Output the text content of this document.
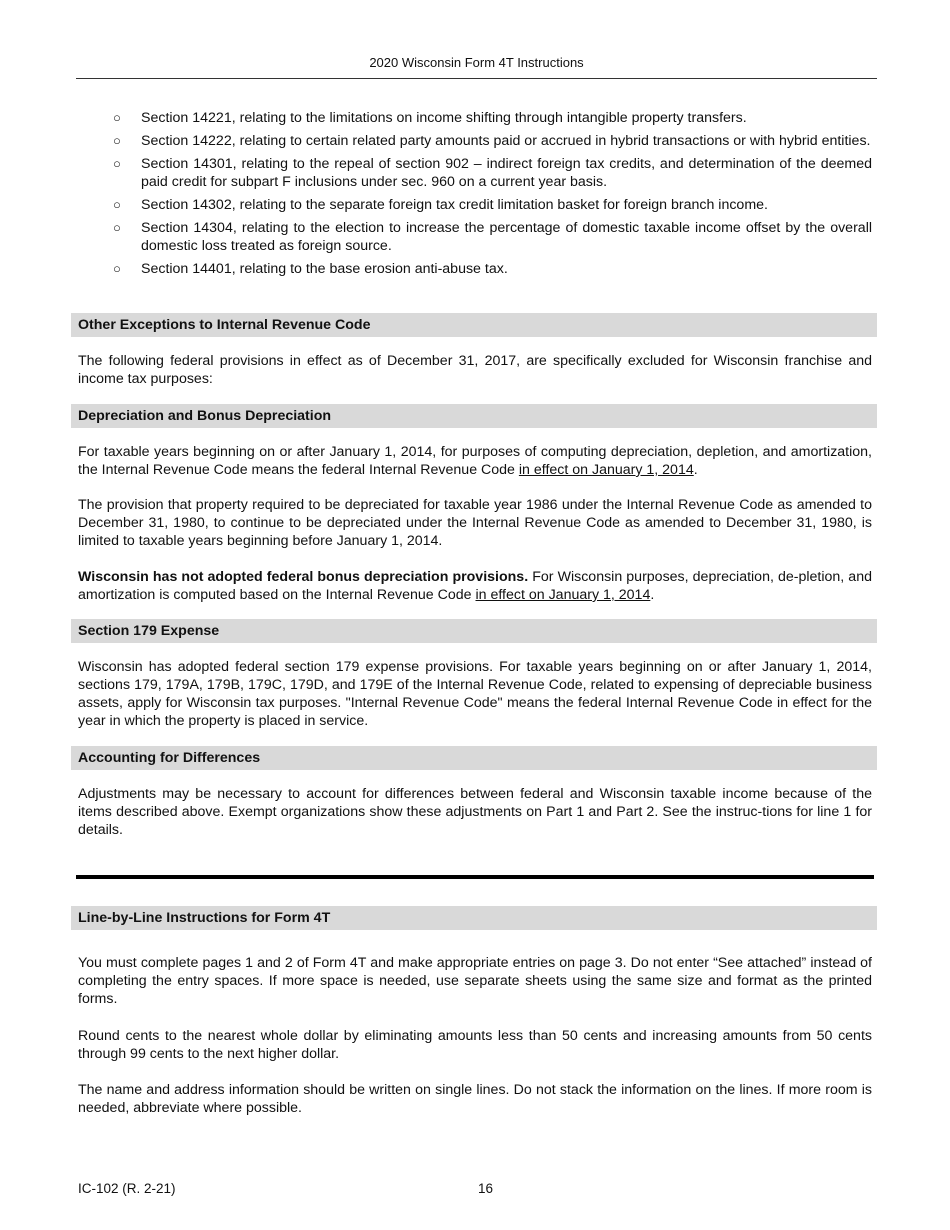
2020 Wisconsin Form 4T Instructions
○ Section 14221, relating to the limitations on income shifting through intangible property transfers.
○ Section 14222, relating to certain related party amounts paid or accrued in hybrid transactions or with hybrid entities.
○ Section 14301, relating to the repeal of section 902 – indirect foreign tax credits, and determination of the deemed paid credit for subpart F inclusions under sec. 960 on a current year basis.
○ Section 14302, relating to the separate foreign tax credit limitation basket for foreign branch income.
○ Section 14304, relating to the election to increase the percentage of domestic taxable income offset by the overall domestic loss treated as foreign source.
○ Section 14401, relating to the base erosion anti-abuse tax.
Other Exceptions to Internal Revenue Code

The following federal provisions in effect as of December 31, 2017, are specifically excluded for Wisconsin franchise and income tax purposes:

Depreciation and Bonus Depreciation

For taxable years beginning on or after January 1, 2014, for purposes of computing depreciation, depletion, and amortization, the Internal Revenue Code means the federal Internal Revenue Code in effect on January 1, 2014.

The provision that property required to be depreciated for taxable year 1986 under the Internal Revenue Code as amended to December 31, 1980, to continue to be depreciated under the Internal Revenue Code as amended to December 31, 1980, is limited to taxable years beginning before January 1, 2014.

Wisconsin has not adopted federal bonus depreciation provisions. For Wisconsin purposes, depreciation, de-pletion, and amortization is computed based on the Internal Revenue Code in effect on January 1, 2014.

Section 179 Expense

Wisconsin has adopted federal section 179 expense provisions. For taxable years beginning on or after January 1, 2014, sections 179, 179A, 179B, 179C, 179D, and 179E of the Internal Revenue Code, related to expensing of depreciable business assets, apply for Wisconsin tax purposes. "Internal Revenue Code" means the federal Internal Revenue Code in effect for the year in which the property is placed in service.

Accounting for Differences

Adjustments may be necessary to account for differences between federal and Wisconsin taxable income because of the items described above. Exempt organizations show these adjustments on Part 1 and Part 2. See the instruc-tions for line 1 for details.

Line-by-Line Instructions for Form 4T

You must complete pages 1 and 2 of Form 4T and make appropriate entries on page 3. Do not enter “See attached” instead of completing the entry spaces. If more space is needed, use separate sheets using the same size and format as the printed forms.

Round cents to the nearest whole dollar by eliminating amounts less than 50 cents and increasing amounts from 50 cents through 99 cents to the next higher dollar.

The name and address information should be written on single lines. Do not stack the information on the lines. If more room is needed, abbreviate where possible.

IC-102 (R. 2-21)	16
